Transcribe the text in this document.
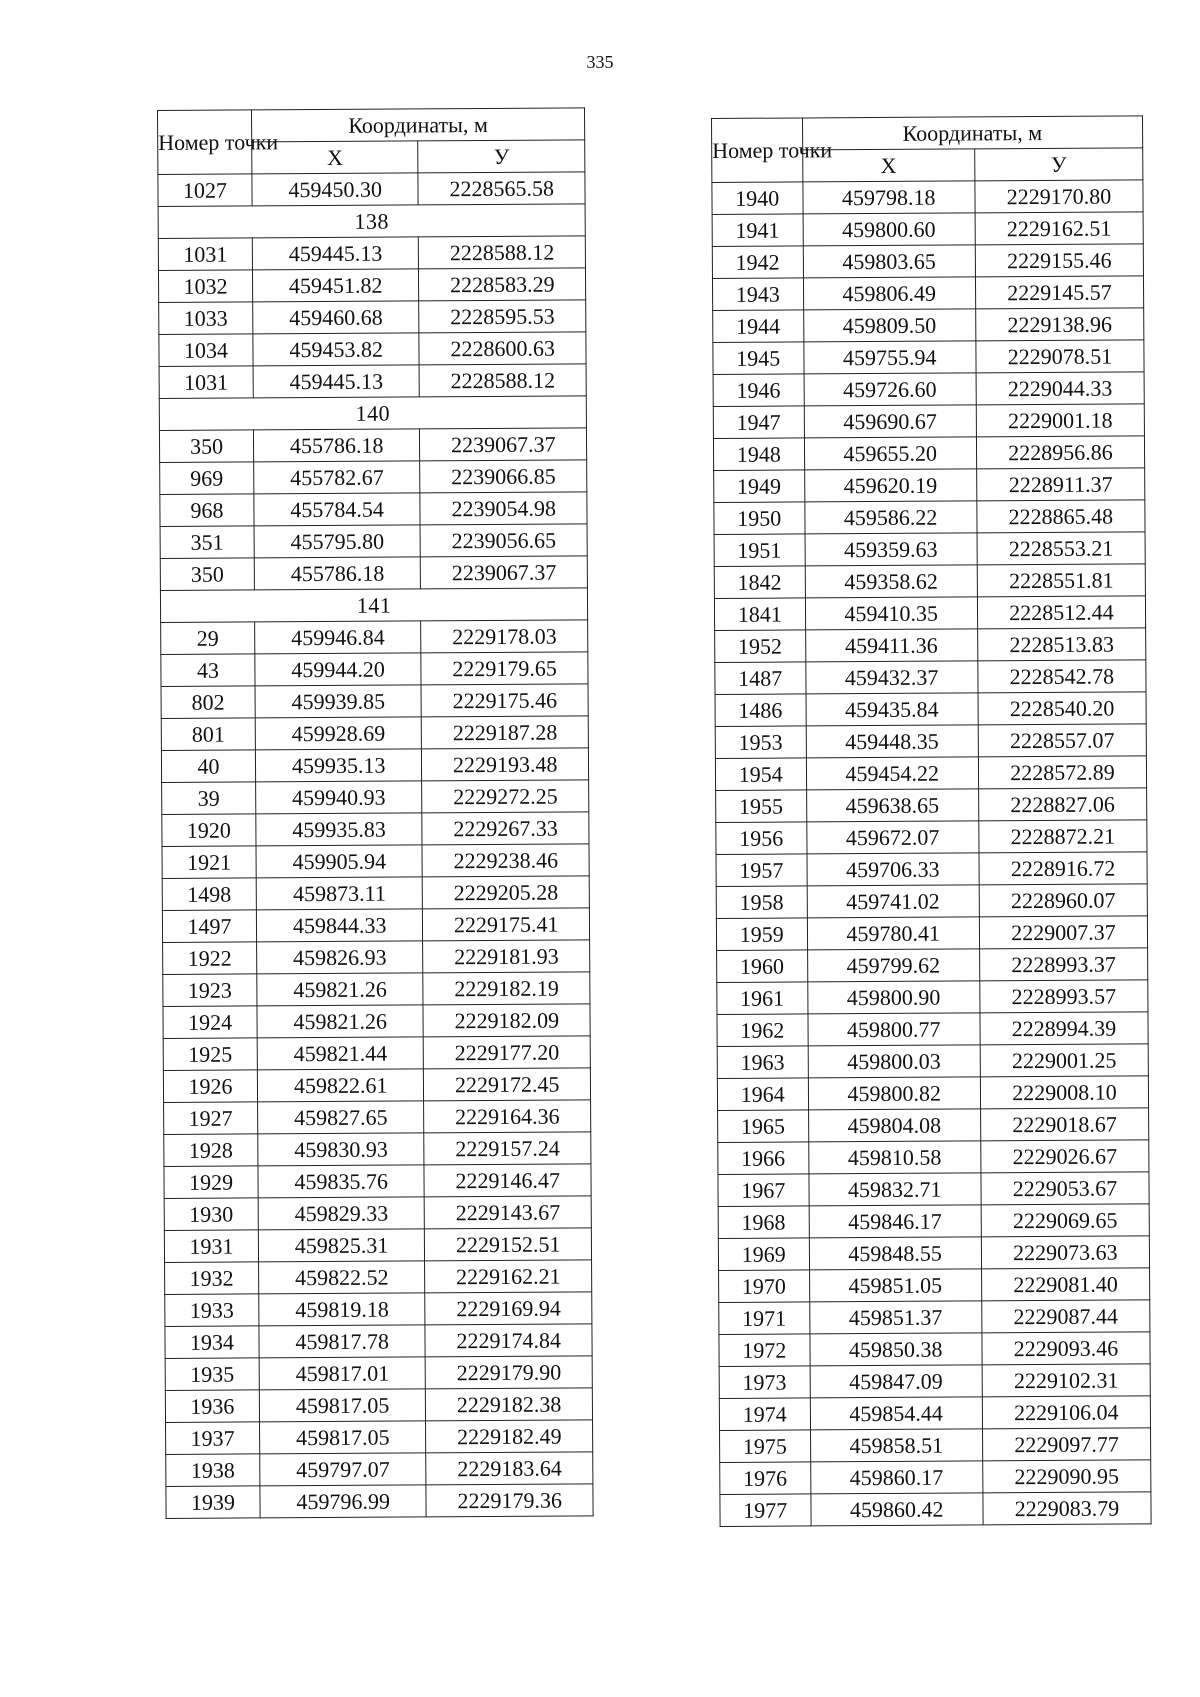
335
Номер точки	Координаты, м	
	X	У
1027	459450.30	2228565.58
138		
1031	459445.13	2228588.12
1032	459451.82	2228583.29
1033	459460.68	2228595.53
1034	459453.82	2228600.63
1031	459445.13	2228588.12
140		
350	455786.18	2239067.37
969	455782.67	2239066.85
968	455784.54	2239054.98
351	455795.80	2239056.65
350	455786.18	2239067.37
141		
29	459946.84	2229178.03
43	459944.20	2229179.65
802	459939.85	2229175.46
801	459928.69	2229187.28
40	459935.13	2229193.48
39	459940.93	2229272.25
1920	459935.83	2229267.33
1921	459905.94	2229238.46
1498	459873.11	2229205.28
1497	459844.33	2229175.41
1922	459826.93	2229181.93
1923	459821.26	2229182.19
1924	459821.26	2229182.09
1925	459821.44	2229177.20
1926	459822.61	2229172.45
1927	459827.65	2229164.36
1928	459830.93	2229157.24
1929	459835.76	2229146.47
1930	459829.33	2229143.67
1931	459825.31	2229152.51
1932	459822.52	2229162.21
1933	459819.18	2229169.94
1934	459817.78	2229174.84
1935	459817.01	2229179.90
1936	459817.05	2229182.38
1937	459817.05	2229182.49
1938	459797.07	2229183.64
1939	459796.99	2229179.36
Номер точки	Координаты, м	
	X	У
1940	459798.18	2229170.80
1941	459800.60	2229162.51
1942	459803.65	2229155.46
1943	459806.49	2229145.57
1944	459809.50	2229138.96
1945	459755.94	2229078.51
1946	459726.60	2229044.33
1947	459690.67	2229001.18
1948	459655.20	2228956.86
1949	459620.19	2228911.37
1950	459586.22	2228865.48
1951	459359.63	2228553.21
1842	459358.62	2228551.81
1841	459410.35	2228512.44
1952	459411.36	2228513.83
1487	459432.37	2228542.78
1486	459435.84	2228540.20
1953	459448.35	2228557.07
1954	459454.22	2228572.89
1955	459638.65	2228827.06
1956	459672.07	2228872.21
1957	459706.33	2228916.72
1958	459741.02	2228960.07
1959	459780.41	2229007.37
1960	459799.62	2228993.37
1961	459800.90	2228993.57
1962	459800.77	2228994.39
1963	459800.03	2229001.25
1964	459800.82	2229008.10
1965	459804.08	2229018.67
1966	459810.58	2229026.67
1967	459832.71	2229053.67
1968	459846.17	2229069.65
1969	459848.55	2229073.63
1970	459851.05	2229081.40
1971	459851.37	2229087.44
1972	459850.38	2229093.46
1973	459847.09	2229102.31
1974	459854.44	2229106.04
1975	459858.51	2229097.77
1976	459860.17	2229090.95
1977	459860.42	2229083.79
